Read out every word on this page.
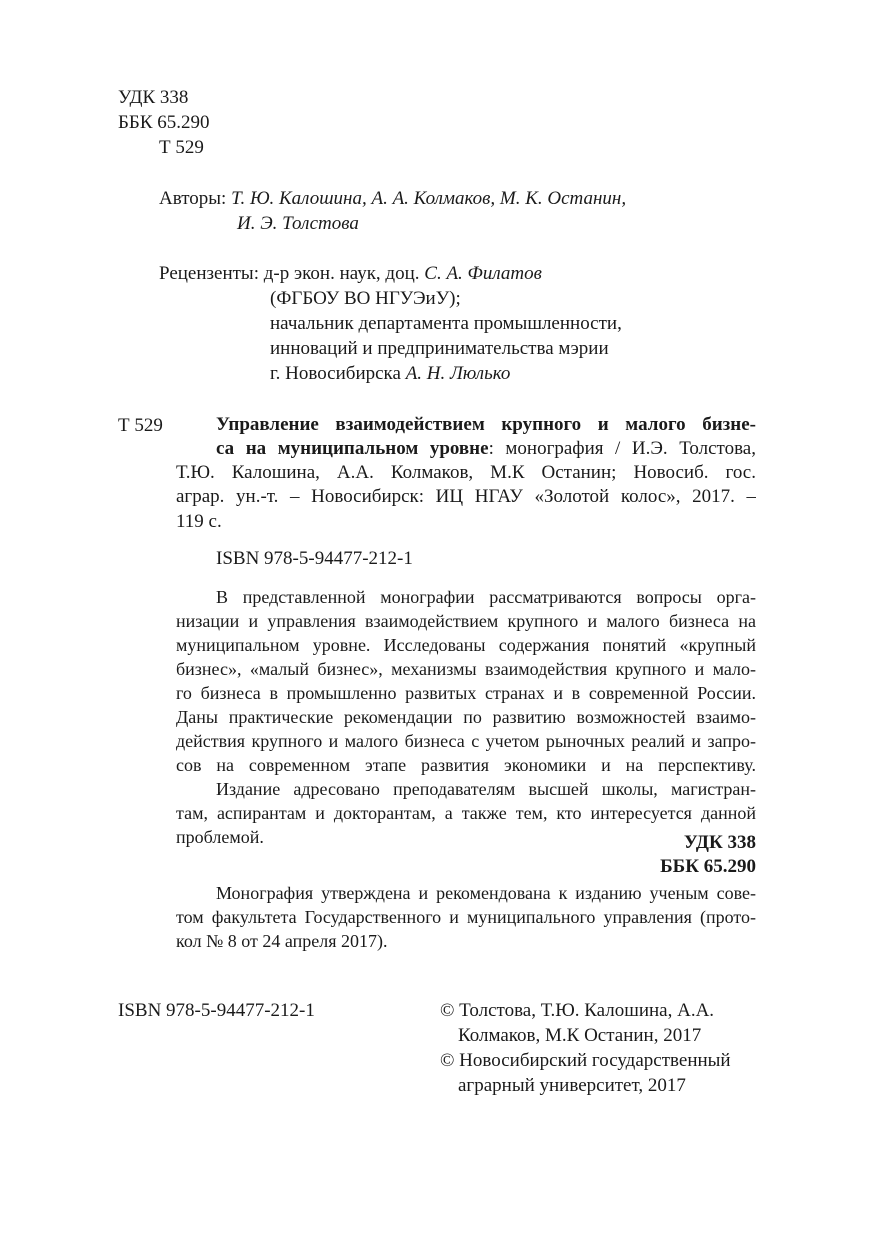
УДК 338
ББК 65.290
Т 529
Авторы: Т. Ю. Калошина, А. А. Колмаков, М. К. Останин,
И. Э. Толстова
Рецензенты: д-р экон. наук, доц. С. А. Филатов
(ФГБОУ ВО НГУЭиУ);
начальник департамента промышленности,
инноваций и предпринимательства мэрии
г. Новосибирска А. Н. Люлько
Т 529	Управление взаимодействием крупного и малого бизне-
са на муниципальном уровне: монография / И.Э. Толстова,
Т.Ю. Калошина, А.А. Колмаков, М.К Останин; Новосиб. гос.
аграр. ун.-т. – Новосибирск: ИЦ НГАУ «Золотой колос», 2017. –
119 с.
ISBN 978-5-94477-212-1
В представленной монографии рассматриваются вопросы орга-
низации и управления взаимодействием крупного и малого бизнеса на
муниципальном уровне. Исследованы содержания понятий «крупный
бизнес», «малый бизнес», механизмы взаимодействия крупного и мало-
го бизнеса в промышленно развитых странах и в современной России.
Даны практические рекомендации по развитию возможностей взаимо-
действия крупного и малого бизнеса с учетом рыночных реалий и запро-
сов на современном этапе развития экономики и на перспективу.
Издание адресовано преподавателям высшей школы, магистран-
там, аспирантам и докторантам, а также тем, кто интересуется данной
проблемой.	УДК 338
ББК 65.290
Монография утверждена и рекомендована к изданию ученым сове-
том факультета Государственного и муниципального управления (прото-
кол № 8 от 24 апреля 2017).
ISBN 978-5-94477-212-1	© Толстова, Т.Ю. Калошина, А.А.
Колмаков, М.К Останин, 2017
© Новосибирский государственный
аграрный университет, 2017
